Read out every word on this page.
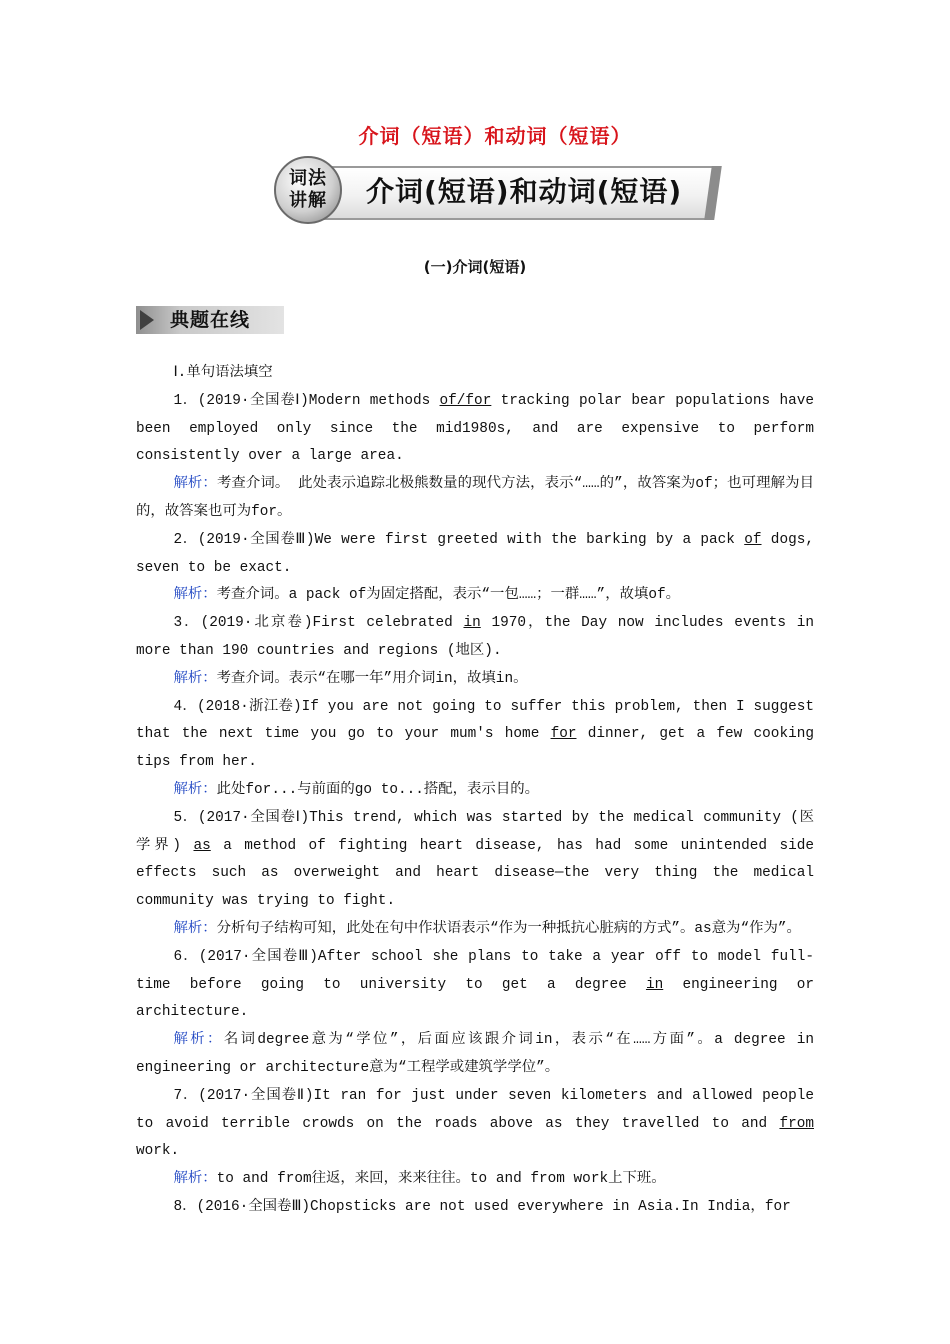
介词（短语）和动词（短语）
词法
讲解 介词(短语)和动词(短语)
(一)介词(短语)
典题在线

Ⅰ.单句语法填空

1．(2019·全国卷Ⅰ)Modern methods of/for tracking polar bear populations have been employed only since the mid1980s, and are expensive to perform consistently over a large area.

解析：考查介词。 此处表示追踪北极熊数量的现代方法，表示“……的”，故答案为of；也可理解为目的，故答案也可为for。

2．(2019·全国卷Ⅲ)We were first greeted with the barking by a pack of dogs, seven to be exact.

解析：考查介词。a pack of为固定搭配，表示“一包……；一群……”，故填of。

3．(2019·北京卷)First celebrated in 1970，the Day now includes events in more than 190 countries and regions (地区).

解析：考查介词。表示“在哪一年”用介词in，故填in。

4．(2018·浙江卷)If you are not going to suffer this problem, then I suggest that the next time you go to your mum's home for dinner, get a few cooking tips from her.

解析：此处for...与前面的go to...搭配，表示目的。

5．(2017·全国卷Ⅰ)This trend, which was started by the medical community (医学界) as a method of fighting heart disease, has had some unintended side effects such as overweight and heart disease—the very thing the medical community was trying to fight.

解析：分析句子结构可知，此处在句中作状语表示“作为一种抵抗心脏病的方式”。as意为“作为”。

6．(2017·全国卷Ⅲ)After school she plans to take a year off to model full-time before going to university to get a degree in engineering or architecture.

解析：名词degree意为“学位”，后面应该跟介词in，表示“在……方面”。a degree in engineering or architecture意为“工程学或建筑学学位”。

7．(2017·全国卷Ⅱ)It ran for just under seven kilometers and allowed people to avoid terrible crowds on the roads above as they travelled to and from work.

解析：to and from往返，来回，来来往往。to and from work上下班。

8．(2016·全国卷Ⅲ)Chopsticks are not used everywhere in Asia.In India，for
